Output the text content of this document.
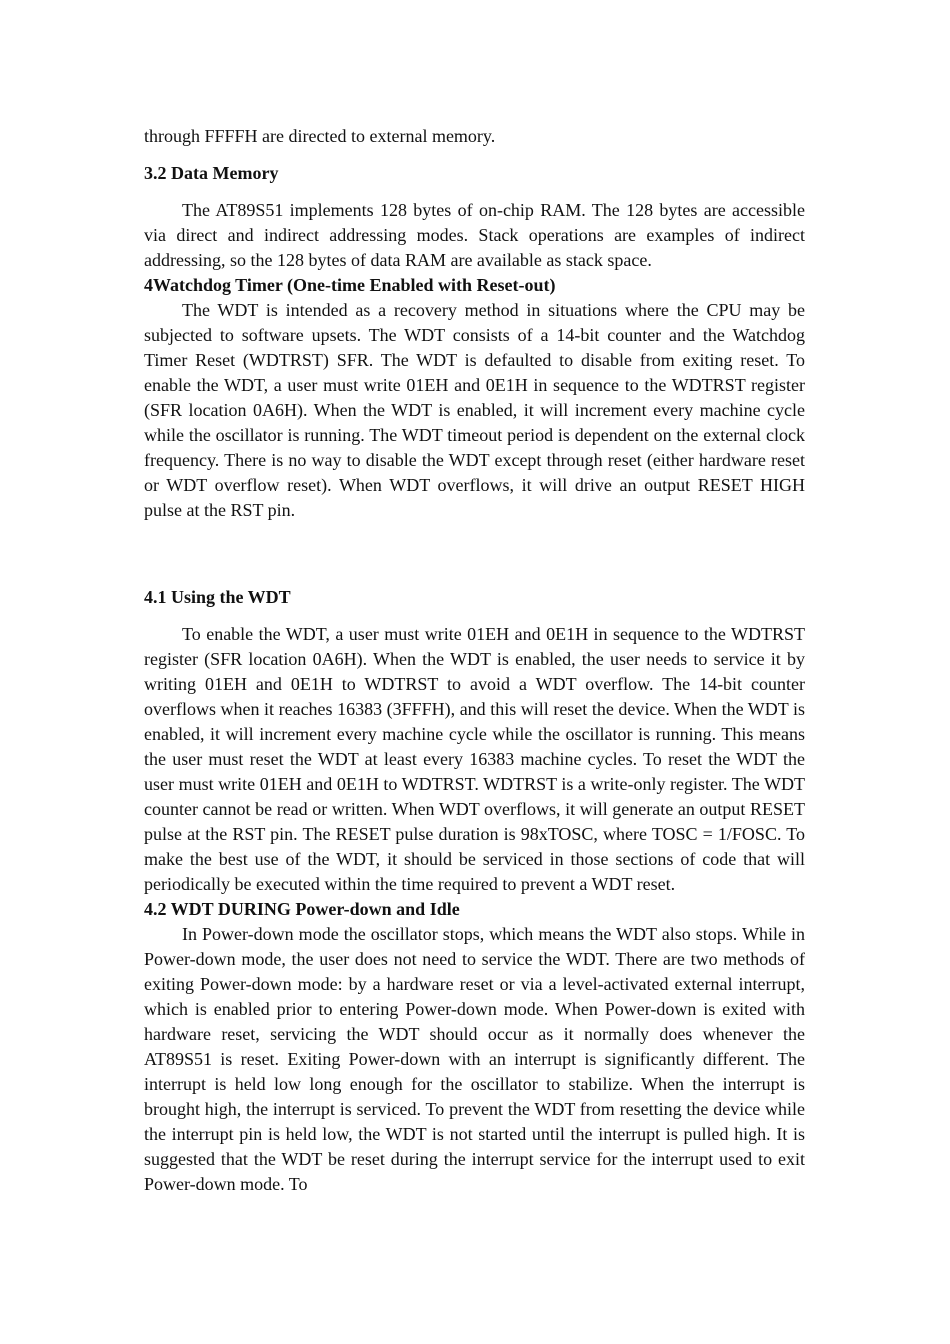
through FFFFH are directed to external memory.

3.2 Data Memory

The AT89S51 implements 128 bytes of on-chip RAM. The 128 bytes are accessible via direct and indirect addressing modes. Stack operations are examples of indirect addressing, so the 128 bytes of data RAM are available as stack space.

4Watchdog Timer (One-time Enabled with Reset-out)

The WDT is intended as a recovery method in situations where the CPU may be subjected to software upsets. The WDT consists of a 14-bit counter and the Watchdog Timer Reset (WDTRST) SFR. The WDT is defaulted to disable from exiting reset. To enable the WDT, a user must write 01EH and 0E1H in sequence to the WDTRST register (SFR location 0A6H). When the WDT is enabled, it will increment every machine cycle while the oscillator is running. The WDT timeout period is dependent on the external clock frequency. There is no way to disable the WDT except through reset (either hardware reset or WDT overflow reset). When WDT overflows, it will drive an output RESET HIGH pulse at the RST pin.

4.1 Using the WDT

To enable the WDT, a user must write 01EH and 0E1H in sequence to the WDTRST register (SFR location 0A6H). When the WDT is enabled, the user needs to service it by writing 01EH and 0E1H to WDTRST to avoid a WDT overflow. The 14-bit counter overflows when it reaches 16383 (3FFFH), and this will reset the device. When the WDT is enabled, it will increment every machine cycle while the oscillator is running. This means the user must reset the WDT at least every 16383 machine cycles. To reset the WDT the user must write 01EH and 0E1H to WDTRST. WDTRST is a write-only register. The WDT counter cannot be read or written. When WDT overflows, it will generate an output RESET pulse at the RST pin. The RESET pulse duration is 98xTOSC, where TOSC = 1/FOSC. To make the best use of the WDT, it should be serviced in those sections of code that will periodically be executed within the time required to prevent a WDT reset.

4.2 WDT DURING Power-down and Idle

In Power-down mode the oscillator stops, which means the WDT also stops. While in Power-down mode, the user does not need to service the WDT. There are two methods of exiting Power-down mode: by a hardware reset or via a level-activated external interrupt, which is enabled prior to entering Power-down mode. When Power-down is exited with hardware reset, servicing the WDT should occur as it normally does whenever the AT89S51 is reset. Exiting Power-down with an interrupt is significantly different. The interrupt is held low long enough for the oscillator to stabilize. When the interrupt is brought high, the interrupt is serviced. To prevent the WDT from resetting the device while the interrupt pin is held low, the WDT is not started until the interrupt is pulled high. It is suggested that the WDT be reset during the interrupt service for the interrupt used to exit Power-down mode. To
